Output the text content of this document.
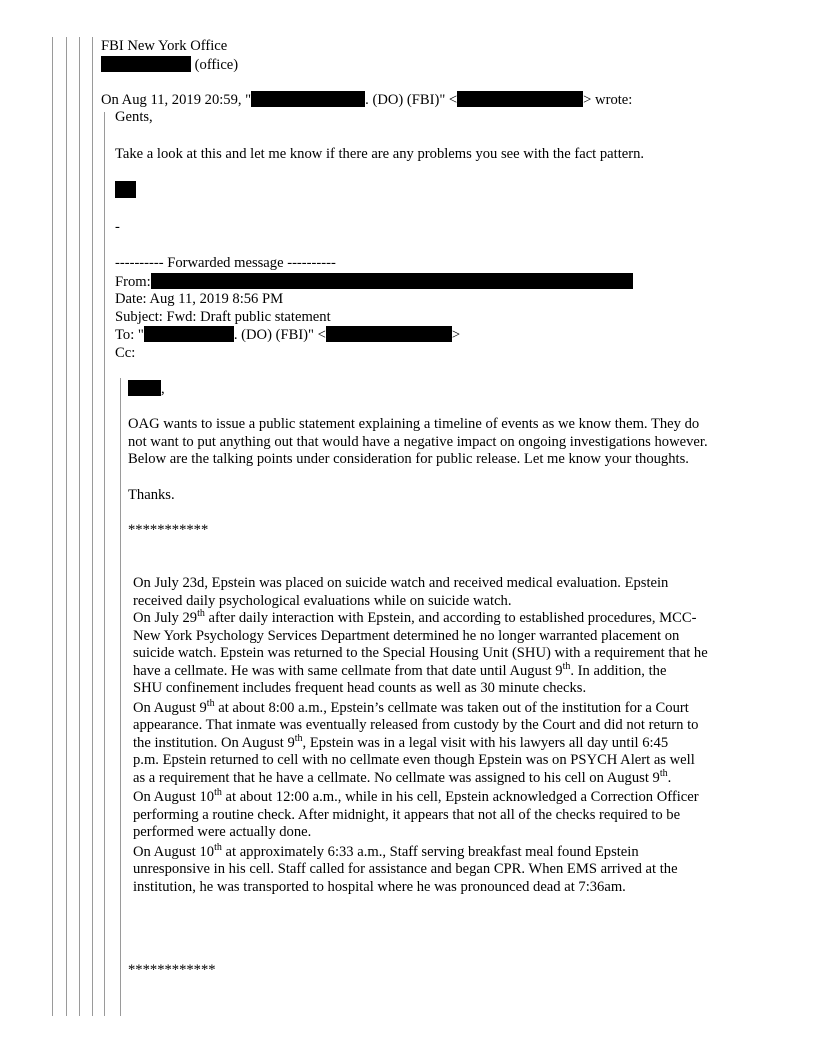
FBI New York Office
(office)
On Aug 11, 2019 20:59, "	. (DO) (FBI)" <	> wrote:
Gents,
Take a look at this and let me know if there are any problems you see with the fact pattern.
-
---------- Forwarded message ----------
From:
Date: Aug 11, 2019 8:56 PM
Subject: Fwd: Draft public statement
To: "	. (DO) (FBI)" <	>
Cc:
,
OAG wants to issue a public statement explaining a timeline of events as we know them. They do
not want to put anything out that would have a negative impact on ongoing investigations however.
Below are the talking points under consideration for public release. Let me know your thoughts.
Thanks.
***********

On July 23d, Epstein was placed on suicide watch and received medical evaluation. Epstein
received daily psychological evaluations while on suicide watch.

On July 29th after daily interaction with Epstein, and according to established procedures, MCC-
New York Psychology Services Department determined he no longer warranted placement on
suicide watch. Epstein was returned to the Special Housing Unit (SHU) with a requirement that he
have a cellmate. He was with same cellmate from that date until August 9th. In addition, the
SHU confinement includes frequent head counts as well as 30 minute checks.

On August 9th at about 8:00 a.m., Epstein’s cellmate was taken out of the institution for a Court
appearance. That inmate was eventually released from custody by the Court and did not return to
the institution. On August 9th, Epstein was in a legal visit with his lawyers all day until 6:45
p.m. Epstein returned to cell with no cellmate even though Epstein was on PSYCH Alert as well
as a requirement that he have a cellmate. No cellmate was assigned to his cell on August 9th.

On August 10th at about 12:00 a.m., while in his cell, Epstein acknowledged a Correction Officer
performing a routine check. After midnight, it appears that not all of the checks required to be
performed were actually done.

On August 10th at approximately 6:33 a.m., Staff serving breakfast meal found Epstein
unresponsive in his cell. Staff called for assistance and began CPR. When EMS arrived at the
institution, he was transported to hospital where he was pronounced dead at 7:36am.

************
